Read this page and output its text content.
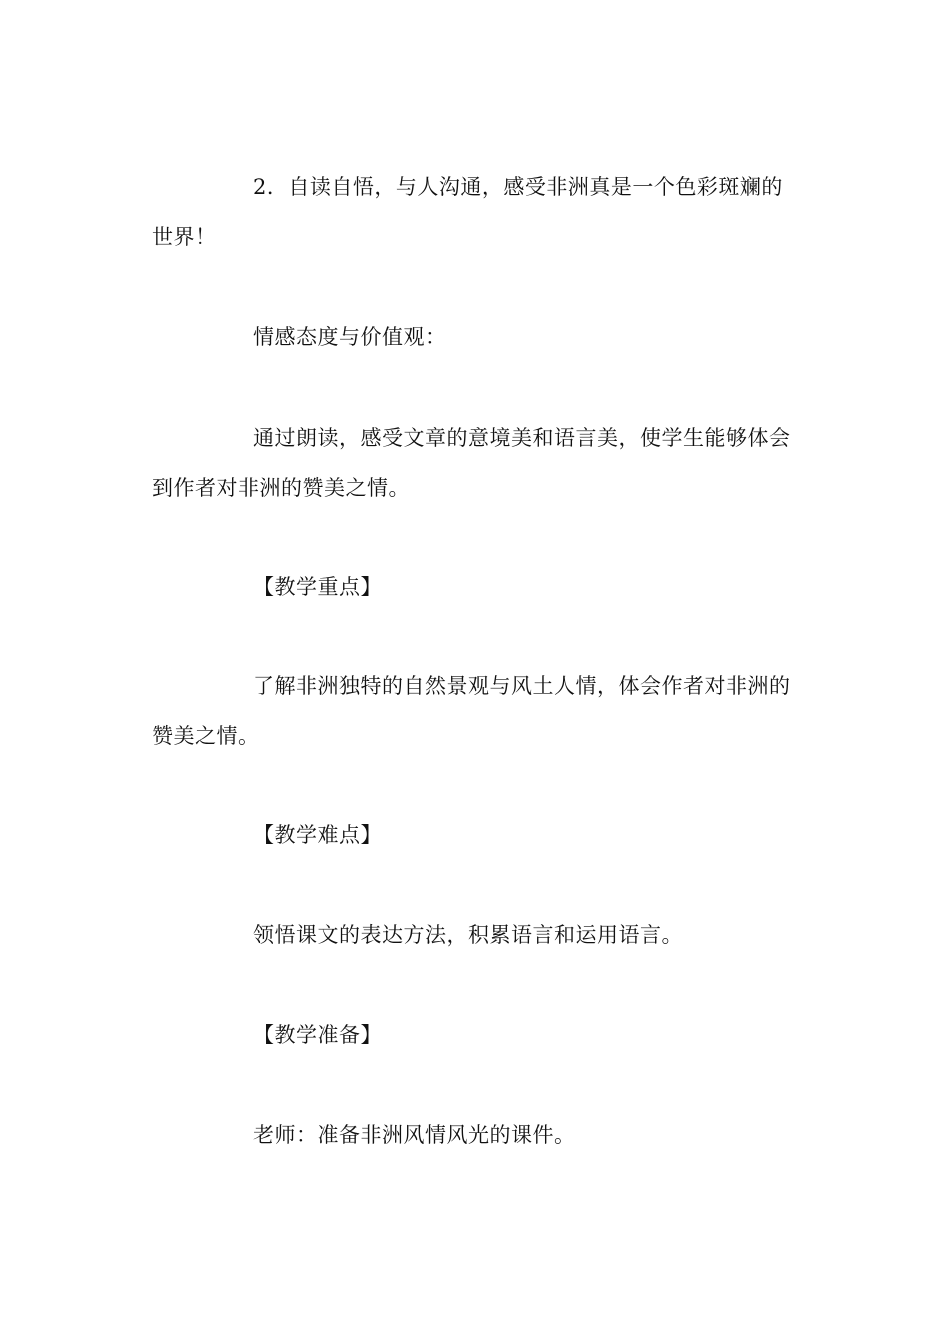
2．自读自悟，与人沟通，感受非洲真是一个色彩斑斓的世界！

情感态度与价值观：

通过朗读，感受文章的意境美和语言美，使学生能够体会到作者对非洲的赞美之情。

【教学重点】

了解非洲独特的自然景观与风土人情，体会作者对非洲的赞美之情。

【教学难点】

领悟课文的表达方法，积累语言和运用语言。

【教学准备】

老师：准备非洲风情风光的课件。
